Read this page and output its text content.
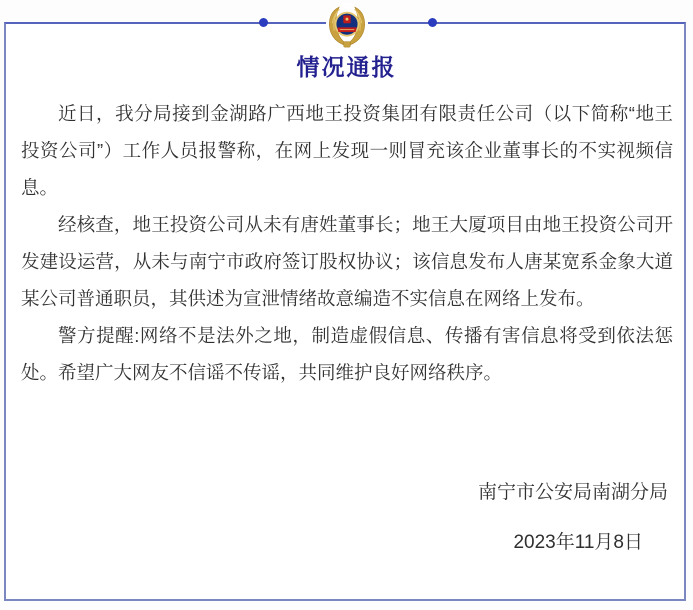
情况通报

近日，我分局接到金湖路广西地王投资集团有限责任公司（以下简称“地王投资公司”）工作人员报警称，在网上发现一则冒充该企业董事长的不实视频信息。

经核查，地王投资公司从未有唐姓董事长；地王大厦项目由地王投资公司开发建设运营，从未与南宁市政府签订股权协议；该信息发布人唐某宽系金象大道某公司普通职员，其供述为宣泄情绪故意编造不实信息在网络上发布。

警方提醒:网络不是法外之地，制造虚假信息、传播有害信息将受到依法惩处。希望广大网友不信谣不传谣，共同维护良好网络秩序。

南宁市公安局南湖分局
2023年11月8日
